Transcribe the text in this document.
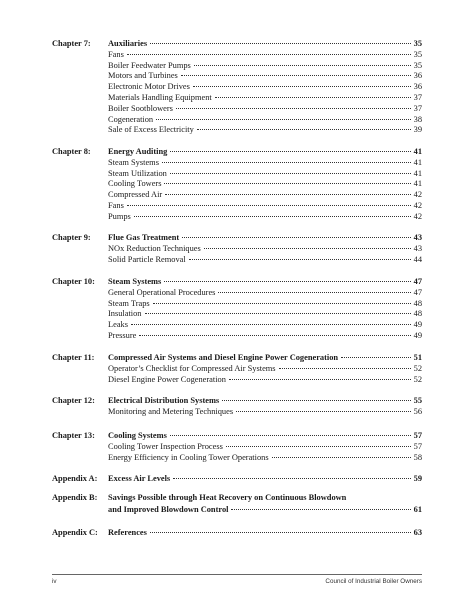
Chapter 7: Auxiliaries	35
Fans	35
Boiler Feedwater Pumps	35
Motors and Turbines	36
Electronic Motor Drives	36
Materials Handling Equipment	37
Boiler Sootblowers	37
Cogeneration	38
Sale of Excess Electricity	39
Chapter 8: Energy Auditing	41
Steam Systems	41
Steam Utilization	41
Cooling Towers	41
Compressed Air	42
Fans	42
Pumps	42
Chapter 9: Flue Gas Treatment	43
NOx Reduction Techniques	43
Solid Particle Removal	44
Chapter 10: Steam Systems	47
General Operational Procedures	47
Steam Traps	48
Insulation	48
Leaks	49
Pressure	49
Chapter 11: Compressed Air Systems and Diesel Engine Power Cogeneration	51
Operator’s Checklist for Compressed Air Systems	52
Diesel Engine Power Cogeneration	52
Chapter 12: Electrical Distribution Systems	55
Monitoring and Metering Techniques	56
Chapter 13: Cooling Systems	57
Cooling Tower Inspection Process	57
Energy Efficiency in Cooling Tower Operations	58
Appendix A: Excess Air Levels	59
Appendix B: Savings Possible through Heat Recovery on Continuous Blowdown
and Improved Blowdown Control	61
Appendix C: References	63
iv	Council of Industrial Boiler Owners
